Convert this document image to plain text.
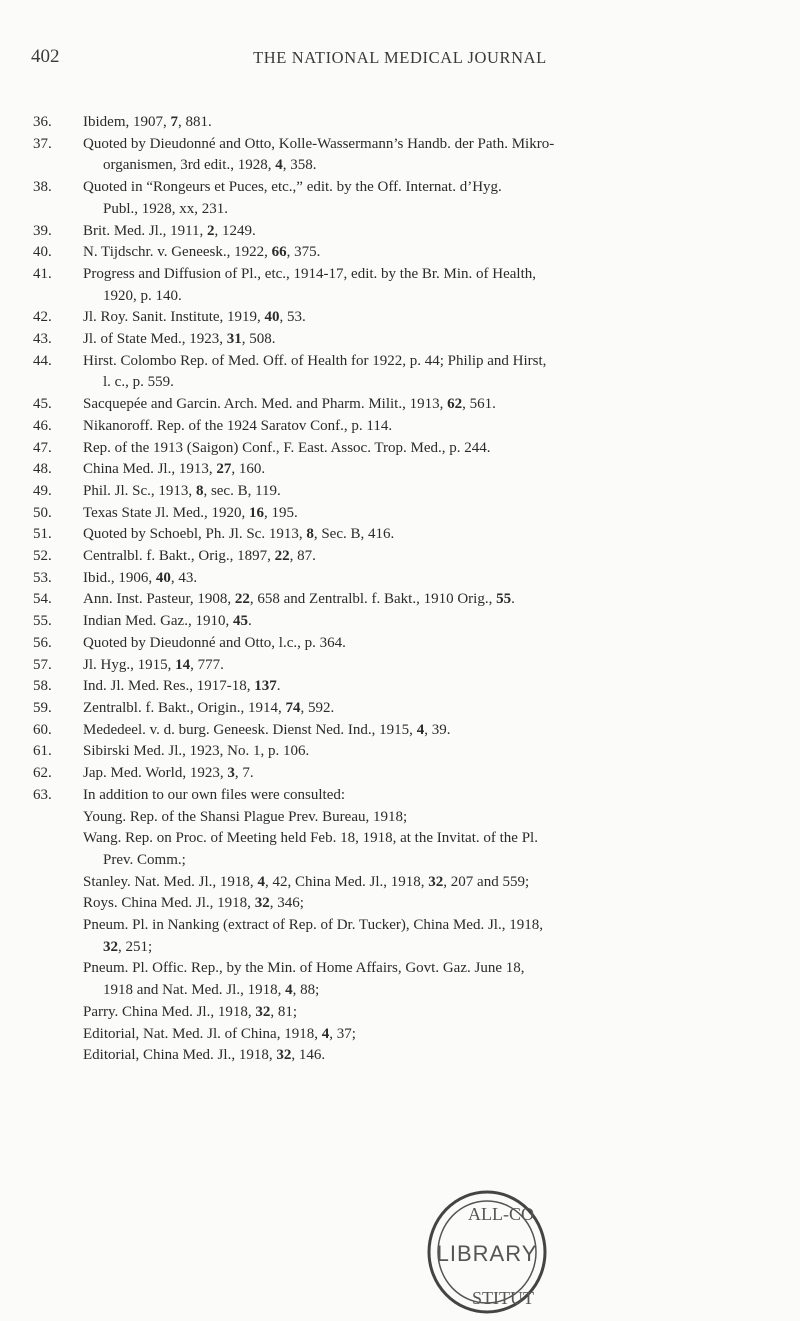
402	THE NATIONAL MEDICAL JOURNAL
36.	Ibidem, 1907, 7, 881.
37.	Quoted by Dieudonné and Otto, Kolle-Wassermann’s Handb. der Path. Mikro-
organismen, 3rd edit., 1928, 4, 358.
38.	Quoted in “Rongeurs et Puces, etc.,” edit. by the Off. Internat. d’Hyg.
Publ., 1928, xx, 231.
39.	Brit. Med. Jl., 1911, 2, 1249.
40.	N. Tijdschr. v. Geneesk., 1922, 66, 375.
41.	Progress and Diffusion of Pl., etc., 1914-17, edit. by the Br. Min. of Health,
1920, p. 140.
42.	Jl. Roy. Sanit. Institute, 1919, 40, 53.
43.	Jl. of State Med., 1923, 31, 508.
44.	Hirst. Colombo Rep. of Med. Off. of Health for 1922, p. 44; Philip and Hirst,
l. c., p. 559.
45.	Sacquepée and Garcin. Arch. Med. and Pharm. Milit., 1913, 62, 561.
46.	Nikanoroff. Rep. of the 1924 Saratov Conf., p. 114.
47.	Rep. of the 1913 (Saigon) Conf., F. East. Assoc. Trop. Med., p. 244.
48.	China Med. Jl., 1913, 27, 160.
49.	Phil. Jl. Sc., 1913, 8, sec. B, 119.
50.	Texas State Jl. Med., 1920, 16, 195.
51.	Quoted by Schoebl, Ph. Jl. Sc. 1913, 8, Sec. B, 416.
52.	Centralbl. f. Bakt., Orig., 1897, 22, 87.
53.	Ibid., 1906, 40, 43.
54.	Ann. Inst. Pasteur, 1908, 22, 658 and Zentralbl. f. Bakt., 1910 Orig., 55.
55.	Indian Med. Gaz., 1910, 45.
56.	Quoted by Dieudonné and Otto, l.c., p. 364.
57.	Jl. Hyg., 1915, 14, 777.
58.	Ind. Jl. Med. Res., 1917-18, 137.
59.	Zentralbl. f. Bakt., Origin., 1914, 74, 592.
60.	Mededeel. v. d. burg. Geneesk. Dienst Ned. Ind., 1915, 4, 39.
61.	Sibirski Med. Jl., 1923, No. 1, p. 106.
62.	Jap. Med. World, 1923, 3, 7.
63.	In addition to our own files were consulted:
Young. Rep. of the Shansi Plague Prev. Bureau, 1918;
Wang. Rep. on Proc. of Meeting held Feb. 18, 1918, at the Invitat. of the Pl.
Prev. Comm.;
Stanley. Nat. Med. Jl., 1918, 4, 42, China Med. Jl., 1918, 32, 207 and 559;
Roys. China Med. Jl., 1918, 32, 346;
Pneum. Pl. in Nanking (extract of Rep. of Dr. Tucker), China Med. Jl., 1918,
32, 251;
Pneum. Pl. Offic. Rep., by the Min. of Home Affairs, Govt. Gaz. June 18,
1918 and Nat. Med. Jl., 1918, 4, 88;
Parry. China Med. Jl., 1918, 32, 81;
Editorial, Nat. Med. Jl. of China, 1918, 4, 37;
Editorial, China Med. Jl., 1918, 32, 146.
ALL-CO
STITUT
LIBRARY
